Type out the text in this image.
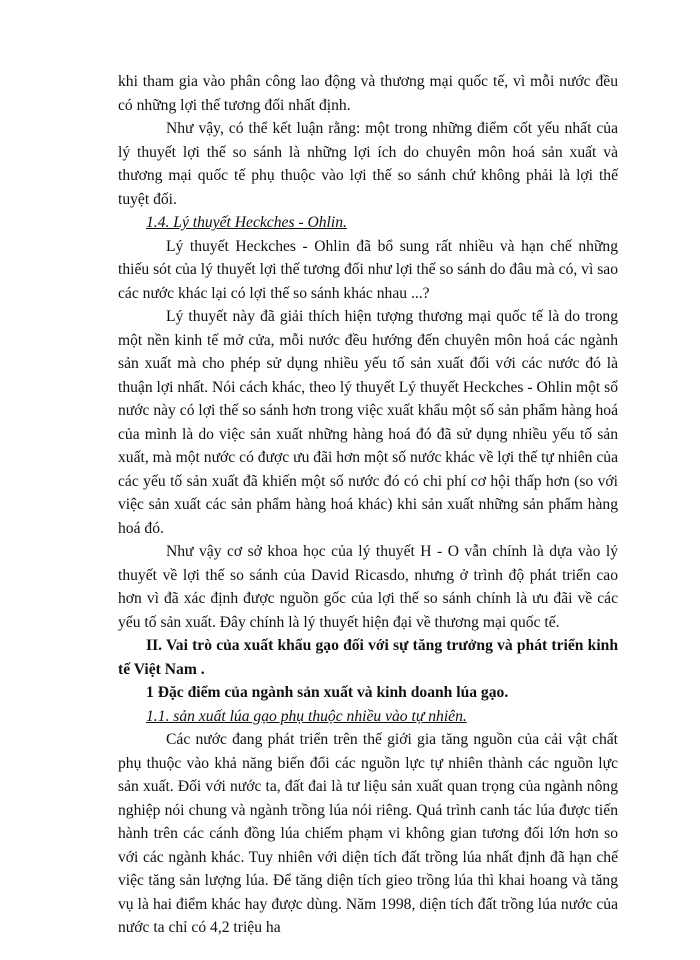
khi tham gia vào phân công lao động và thương mại quốc tế, vì mỗi nước đều có những lợi thế tương đối nhất định.

Như vậy, có thể kết luận rằng: một trong những điểm cốt yếu nhất của lý thuyết lợi thế so sánh là những lợi ích do chuyên môn hoá sản xuất và thương mại quốc tế phụ thuộc vào lợi thế so sánh chứ không phải là lợi thế tuyệt đối.

1.4. Lý thuyết Heckches - Ohlin.

Lý thuyết Heckches - Ohlin đã bổ sung rất nhiều và hạn chế những thiếu sót của lý thuyết lợi thế tương đối như lợi thế so sánh do đâu mà có, vì sao các nước khác lại có lợi thế so sánh khác nhau ...?

Lý thuyết này đã giải thích hiện tượng thương mại quốc tế là do trong một nền kinh tế mở cửa, mỗi nước đều hướng đến chuyên môn hoá các ngành sản xuất mà cho phép sử dụng nhiều yếu tố sản xuất đối với các nước đó là thuận lợi nhất. Nói cách khác, theo lý thuyết Lý thuyết Heckches - Ohlin một số nước này có lợi thế so sánh hơn trong việc xuất khẩu một số sản phẩm hàng hoá của mình là do việc sản xuất những hàng hoá đó đã sử dụng nhiều yếu tố sản xuất, mà một nước có được ưu đãi hơn một số nước khác về lợi thế tự nhiên của các yếu tố sản xuất đã khiến một số nước đó có chi phí cơ hội thấp hơn (so với việc sản xuất các sản phẩm hàng hoá khác) khi sản xuất những sản phẩm hàng hoá đó.

Như vậy cơ sở khoa học của lý thuyết H - O vẫn chính là dựa vào lý thuyết về lợi thế so sánh của David Ricasdo, nhưng ở trình độ phát triển cao hơn vì đã xác định được nguồn gốc của lợi thế so sánh chính là ưu đãi về các yếu tố sản xuất. Đây chính là lý thuyết hiện đại về thương mại quốc tế.

II. Vai trò của xuất khẩu gạo đối với sự tăng trưởng và phát triển kinh tế Việt Nam .

1 Đặc điểm của ngành sản xuất và kinh doanh lúa gạo.

1.1. sản xuất lúa gạo phụ thuộc nhiều vào tự nhiên.

Các nước đang phát triển trên thế giới gia tăng nguồn của cải vật chất phụ thuộc vào khả năng biến đổi các nguồn lực tự nhiên thành các nguồn lực sản xuất. Đối với nước ta, đất đai là tư liệu sản xuất quan trọng của ngành nông nghiệp nói chung và ngành trồng lúa nói riêng. Quá trình canh tác lúa được tiến hành trên các cánh đồng lúa chiếm phạm vi không gian tương đối lớn hơn so với các ngành khác. Tuy nhiên với diện tích đất trồng lúa nhất định đã hạn chế việc tăng sản lượng lúa. Để tăng diện tích gieo trồng lúa thì khai hoang và tăng vụ là hai điểm khác hay được dùng. Năm 1998, diện tích đất trồng lúa nước của nước ta chỉ có 4,2 triệu ha
